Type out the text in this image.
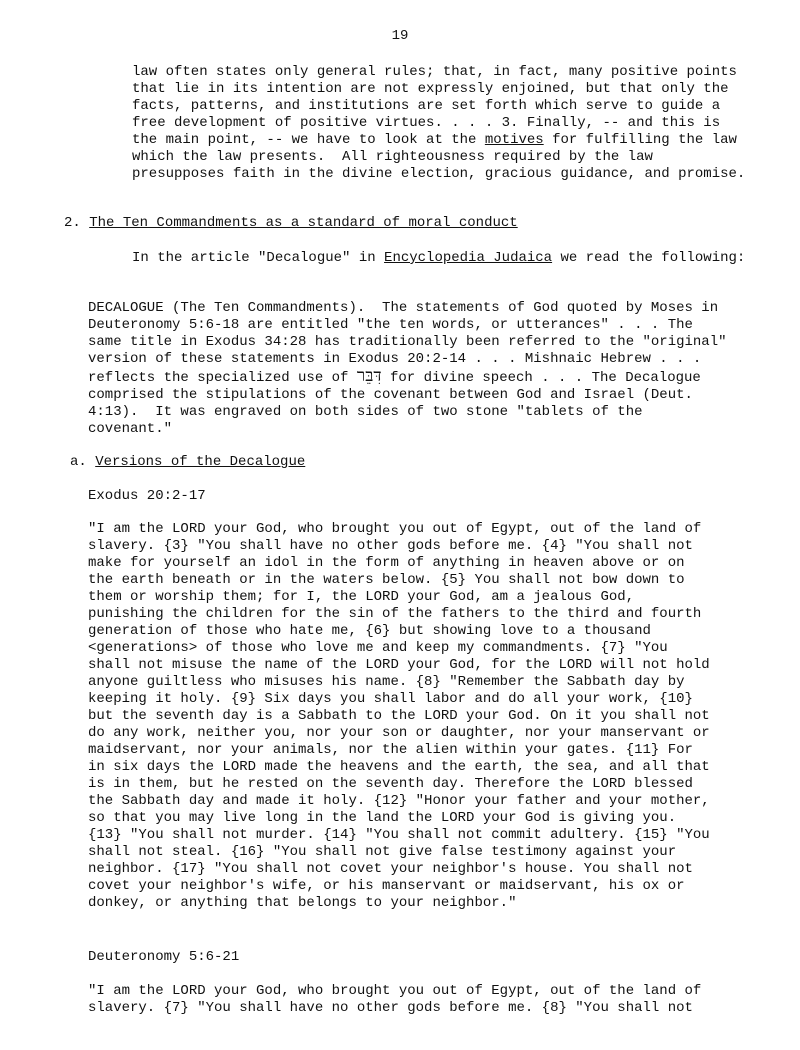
19

law often states only general rules; that, in fact, many positive points that lie in its intention are not expressly enjoined, but that only the facts, patterns, and institutions are set forth which serve to guide a free development of positive virtues. . . . 3. Finally, -- and this is the main point, -- we have to look at the motives for fulfilling the law which the law presents.  All righteousness required by the law presupposes faith in the divine election, gracious guidance, and promise.

2. The Ten Commandments as a standard of moral conduct

In the article "Decalogue" in Encyclopedia Judaica we read the following:

DECALOGUE (The Ten Commandments).  The statements of God quoted by Moses in Deuteronomy 5:6-18 are entitled "the ten words, or utterances" . . . The same title in Exodus 34:28 has traditionally been referred to the "original" version of these statements in Exodus 20:2-14 . . . Mishnaic Hebrew . . . reflects the specialized use of דִּבֵּר for divine speech . . . The Decalogue comprised the stipulations of the covenant between God and Israel (Deut. 4:13).  It was engraved on both sides of two stone "tablets of the covenant."

a. Versions of the Decalogue
Exodus 20:2-17

"I am the LORD your God, who brought you out of Egypt, out of the land of slavery. {3} "You shall have no other gods before me. {4} "You shall not make for yourself an idol in the form of anything in heaven above or on the earth beneath or in the waters below. {5} You shall not bow down to them or worship them; for I, the LORD your God, am a jealous God, punishing the children for the sin of the fathers to the third and fourth generation of those who hate me, {6} but showing love to a thousand <generations> of those who love me and keep my commandments. {7} "You shall not misuse the name of the LORD your God, for the LORD will not hold anyone guiltless who misuses his name. {8} "Remember the Sabbath day by keeping it holy. {9} Six days you shall labor and do all your work, {10} but the seventh day is a Sabbath to the LORD your God. On it you shall not do any work, neither you, nor your son or daughter, nor your manservant or maidservant, nor your animals, nor the alien within your gates. {11} For in six days the LORD made the heavens and the earth, the sea, and all that is in them, but he rested on the seventh day. Therefore the LORD blessed the Sabbath day and made it holy. {12} "Honor your father and your mother, so that you may live long in the land the LORD your God is giving you. {13} "You shall not murder. {14} "You shall not commit adultery. {15} "You shall not steal. {16} "You shall not give false testimony against your neighbor. {17} "You shall not covet your neighbor's house. You shall not covet your neighbor's wife, or his manservant or maidservant, his ox or donkey, or anything that belongs to your neighbor."

Deuteronomy 5:6-21

"I am the LORD your God, who brought you out of Egypt, out of the land of slavery. {7} "You shall have no other gods before me. {8} "You shall not
